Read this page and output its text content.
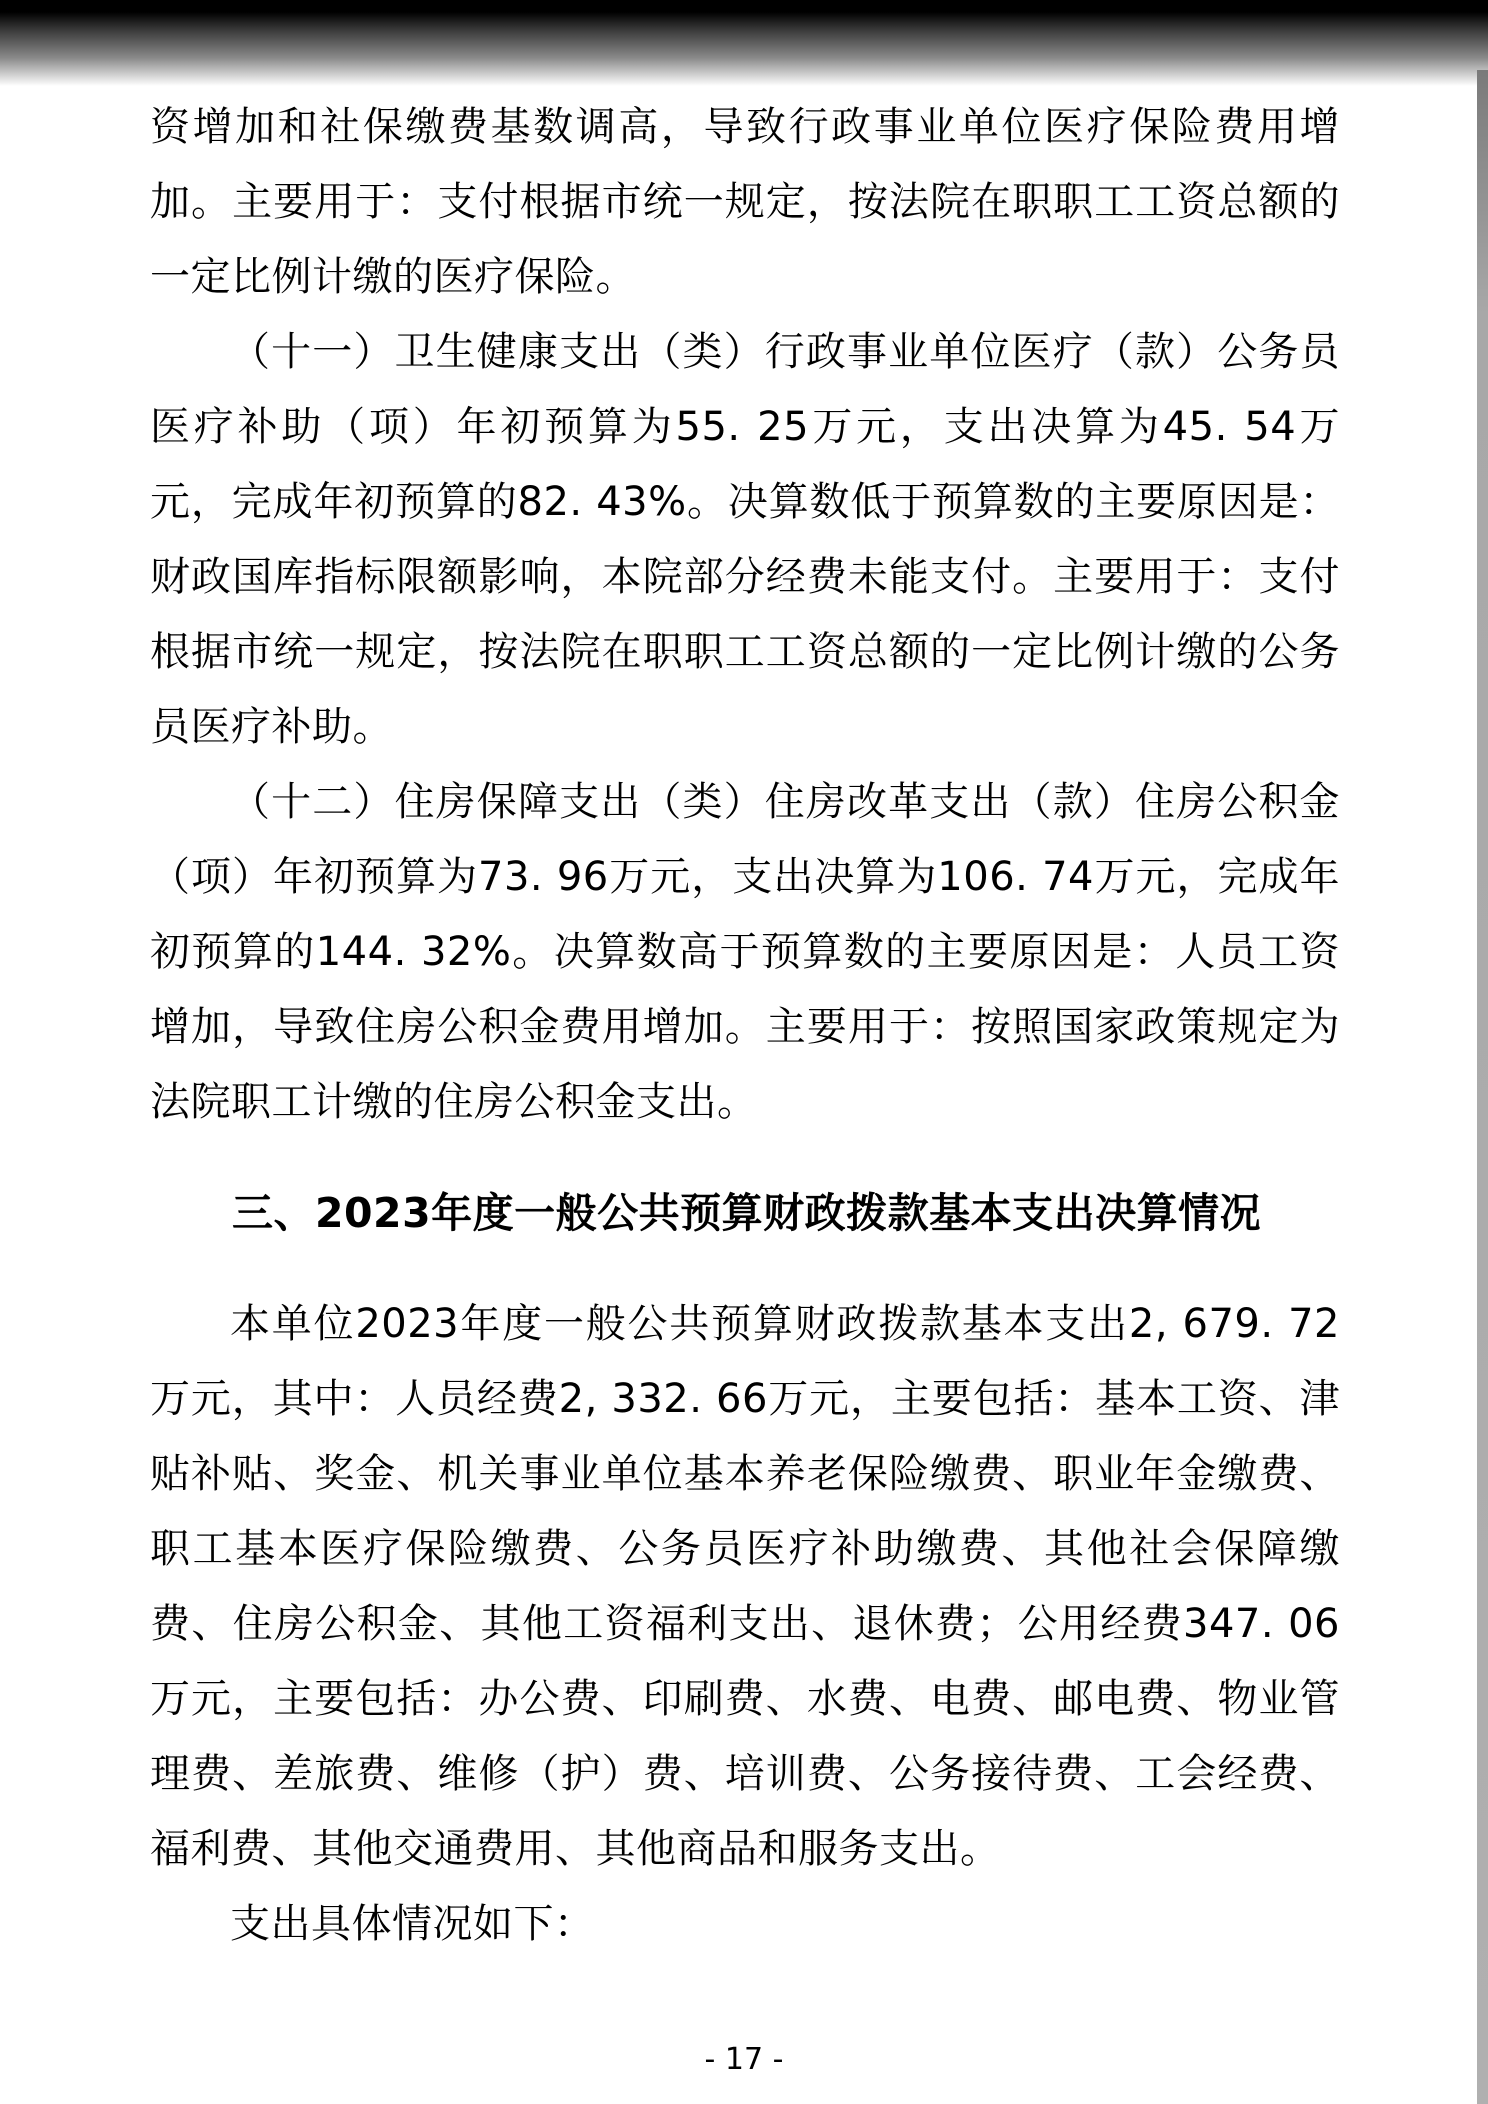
资增加和社保缴费基数调高，导致行政事业单位医疗保险费用增加。主要用于：支付根据市统一规定，按法院在职职工工资总额的一定比例计缴的医疗保险。

（十一）卫生健康支出（类）行政事业单位医疗（款）公务员医疗补助（项）年初预算为55. 25万元，支出决算为45. 54万元，完成年初预算的82. 43%。决算数低于预算数的主要原因是：财政国库指标限额影响，本院部分经费未能支付。主要用于：支付根据市统一规定，按法院在职职工工资总额的一定比例计缴的公务员医疗补助。

（十二）住房保障支出（类）住房改革支出（款）住房公积金（项）年初预算为73. 96万元，支出决算为106. 74万元，完成年初预算的144. 32%。决算数高于预算数的主要原因是：人员工资增加，导致住房公积金费用增加。主要用于：按照国家政策规定为法院职工计缴的住房公积金支出。

三、2023年度一般公共预算财政拨款基本支出决算情况

本单位2023年度一般公共预算财政拨款基本支出2, 679. 72万元，其中：人员经费2, 332. 66万元，主要包括：基本工资、津贴补贴、奖金、机关事业单位基本养老保险缴费、职业年金缴费、职工基本医疗保险缴费、公务员医疗补助缴费、其他社会保障缴费、住房公积金、其他工资福利支出、退休费；公用经费347. 06万元，主要包括：办公费、印刷费、水费、电费、邮电费、物业管理费、差旅费、维修（护）费、培训费、公务接待费、工会经费、福利费、其他交通费用、其他商品和服务支出。

支出具体情况如下：

- 17 -
